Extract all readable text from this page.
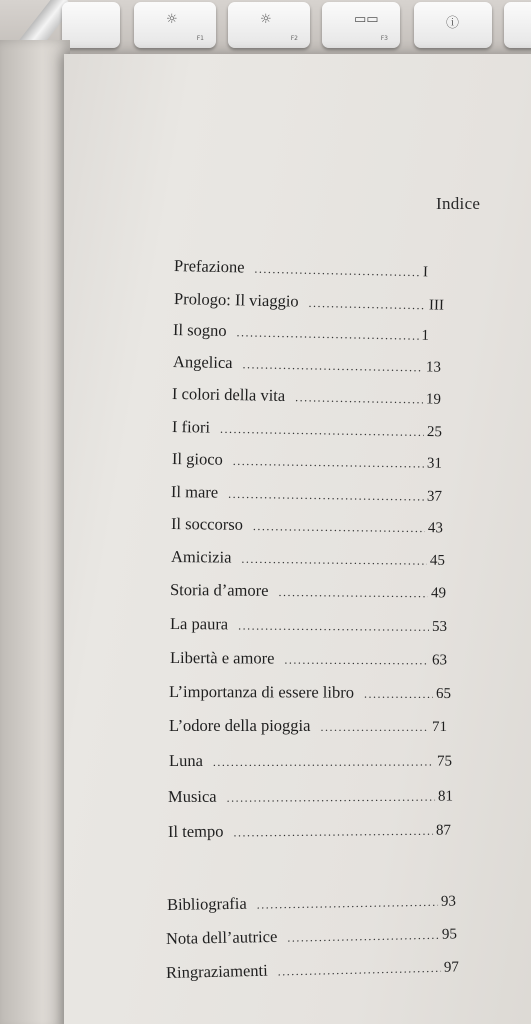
☼
F1
☼
F2
▭▭
F3
ⓘ
Indice
Prefazione .....	I
Prologo: Il viaggio .....	III
Il sogno .....	1
Angelica .....	13
I colori della vita .....	19
I fiori .....	25
Il gioco .....	31
Il mare .....	37
Il soccorso .....	43
Amicizia .....	45
Storia d’amore .....	49
La paura .....	53
Libertà e amore .....	63
L’importanza di essere libro .....	65
L’odore della pioggia .....	71
Luna .....	75
Musica .....	81
Il tempo .....	87
Bibliografia .....	93
Nota dell’autrice .....	95
Ringraziamenti .....	97
